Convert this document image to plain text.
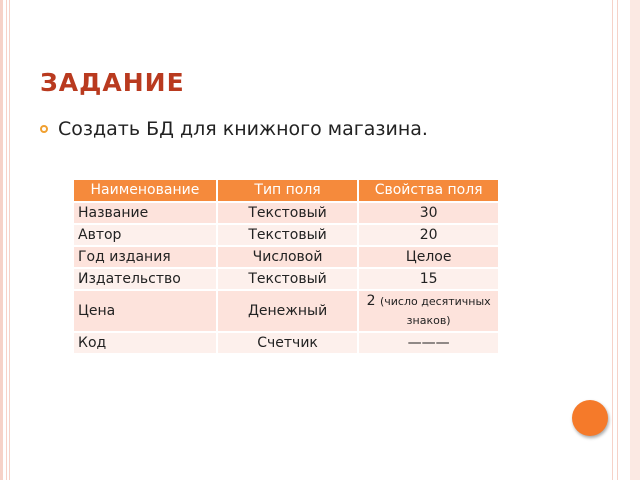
ЗАДАНИЕ
Создать БД для книжного магазина.
Наименование	Тип поля	Свойства поля
Название	Текстовый	30
Автор	Текстовый	20
Год издания	Числовой	Целое
Издательство	Текстовый	15
Цена	Денежный	2 (число десятичных знаков)
Код	Счетчик	———
